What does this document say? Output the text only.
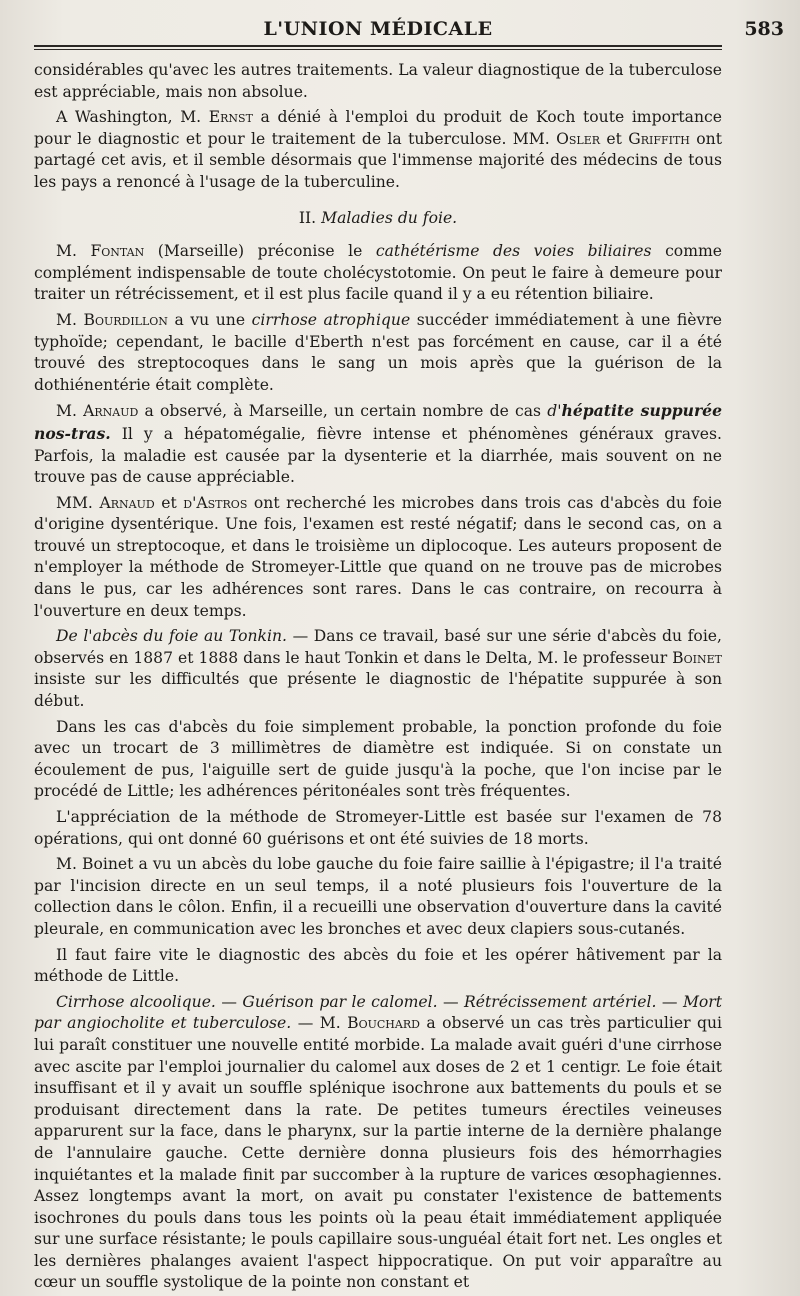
L'UNION MÉDICALE	583

considérables qu'avec les autres traitements. La valeur diagnostique de la tuberculose est appréciable, mais non absolue.

A Washington, M. Ernst a dénié à l'emploi du produit de Koch toute importance pour le diagnostic et pour le traitement de la tuberculose. MM. Osler et Griffith ont partagé cet avis, et il semble désormais que l'immense majorité des médecins de tous les pays a renoncé à l'usage de la tuberculine.

II. Maladies du foie.

M. Fontan (Marseille) préconise le cathétérisme des voies biliaires comme complément indispensable de toute cholécystotomie. On peut le faire à demeure pour traiter un rétrécissement, et il est plus facile quand il y a eu rétention biliaire.

M. Bourdillon a vu une cirrhose atrophique succéder immédiatement à une fièvre typhoïde; cependant, le bacille d'Eberth n'est pas forcément en cause, car il a été trouvé des streptocoques dans le sang un mois après que la guérison de la dothiénentérie était complète.

M. Arnaud a observé, à Marseille, un certain nombre de cas d'hépatite suppurée nos-tras. Il y a hépatomégalie, fièvre intense et phénomènes généraux graves. Parfois, la maladie est causée par la dysenterie et la diarrhée, mais souvent on ne trouve pas de cause appréciable.

MM. Arnaud et d'Astros ont recherché les microbes dans trois cas d'abcès du foie d'origine dysentérique. Une fois, l'examen est resté négatif; dans le second cas, on a trouvé un streptocoque, et dans le troisième un diplocoque. Les auteurs proposent de n'employer la méthode de Stromeyer-Little que quand on ne trouve pas de microbes dans le pus, car les adhérences sont rares. Dans le cas contraire, on recourra à l'ouverture en deux temps.

De l'abcès du foie au Tonkin. — Dans ce travail, basé sur une série d'abcès du foie, observés en 1887 et 1888 dans le haut Tonkin et dans le Delta, M. le professeur Boinet insiste sur les difficultés que présente le diagnostic de l'hépatite suppurée à son début.

Dans les cas d'abcès du foie simplement probable, la ponction profonde du foie avec un trocart de 3 millimètres de diamètre est indiquée. Si on constate un écoulement de pus, l'aiguille sert de guide jusqu'à la poche, que l'on incise par le procédé de Little; les adhérences péritonéales sont très fréquentes.

L'appréciation de la méthode de Stromeyer-Little est basée sur l'examen de 78 opérations, qui ont donné 60 guérisons et ont été suivies de 18 morts.

M. Boinet a vu un abcès du lobe gauche du foie faire saillie à l'épigastre; il l'a traité par l'incision directe en un seul temps, il a noté plusieurs fois l'ouverture de la collection dans le côlon. Enfin, il a recueilli une observation d'ouverture dans la cavité pleurale, en communication avec les bronches et avec deux clapiers sous-cutanés.

Il faut faire vite le diagnostic des abcès du foie et les opérer hâtivement par la méthode de Little.

Cirrhose alcoolique. — Guérison par le calomel. — Rétrécissement artériel. — Mort par angiocholite et tuberculose. — M. Bouchard a observé un cas très particulier qui lui paraît constituer une nouvelle entité morbide. La malade avait guéri d'une cirrhose avec ascite par l'emploi journalier du calomel aux doses de 2 et 1 centigr. Le foie était insuffisant et il y avait un souffle splénique isochrone aux battements du pouls et se produisant directement dans la rate. De petites tumeurs érectiles veineuses apparurent sur la face, dans le pharynx, sur la partie interne de la dernière phalange de l'annulaire gauche. Cette dernière donna plusieurs fois des hémorrhagies inquiétantes et la malade finit par succomber à la rupture de varices œsophagiennes. Assez longtemps avant la mort, on avait pu constater l'existence de battements isochrones du pouls dans tous les points où la peau était immédiatement appliquée sur une surface résistante; le pouls capillaire sous-unguéal était fort net. Les ongles et les dernières phalanges avaient l'aspect hippocratique. On put voir apparaître au cœur un souffle systolique de la pointe non constant et
